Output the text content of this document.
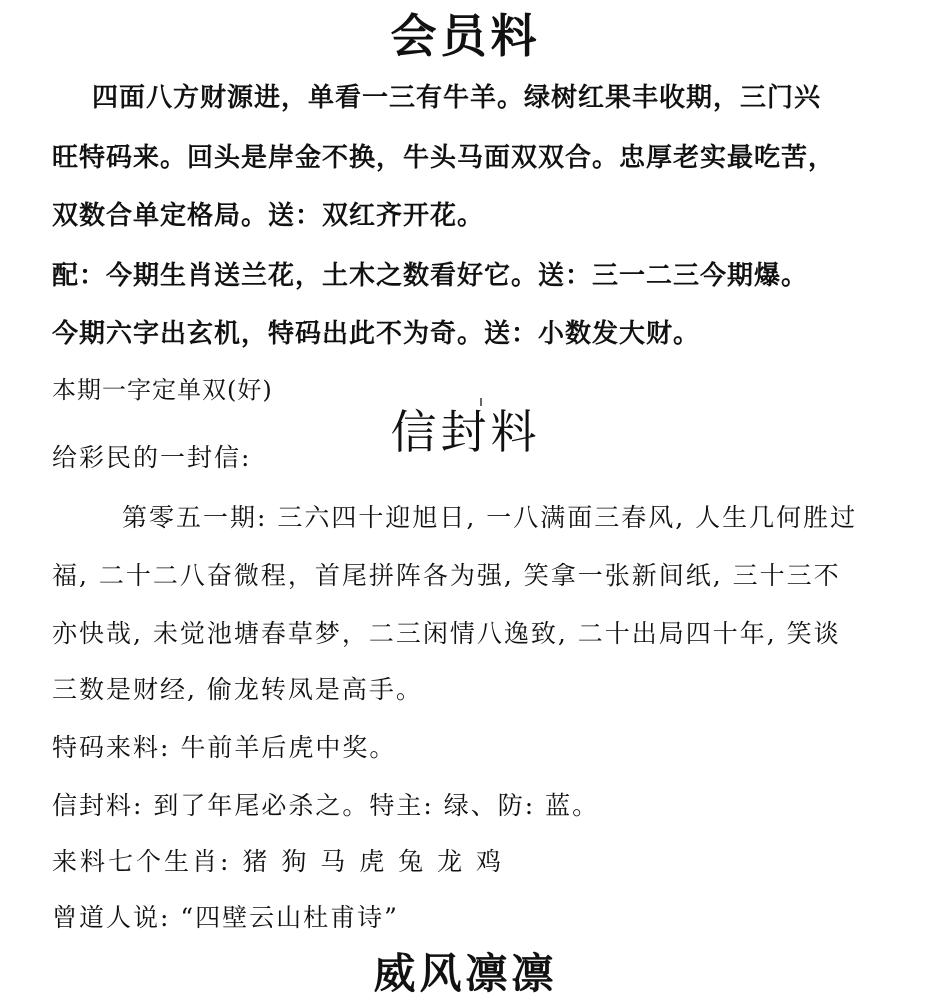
会员料
四面八方财源进，单看一三有牛羊。绿树红果丰收期，三门兴
旺特码来。回头是岸金不换，牛头马面双双合。忠厚老实最吃苦，
双数合单定格局。送：双红齐开花。
配：今期生肖送兰花，土木之数看好它。送：三一二三今期爆。
今期六字出玄机，特码出此不为奇。送：小数发大财。
本期一字定单双(好)
信封料
给彩民的一封信:
第零五一期: 三六四十迎旭日, 一八满面三春风, 人生几何胜过
福, 二十二八奋微程，首尾拼阵各为强, 笑拿一张新间纸, 三十三不
亦快哉, 未觉池塘春草梦，二三闲情八逸致, 二十出局四十年, 笑谈
三数是财经, 偷龙转凤是高手。
特码来料: 牛前羊后虎中奖。
信封料: 到了年尾必杀之。特主: 绿、防: 蓝。
来料七个生肖: 猪 狗 马 虎 兔 龙 鸡
曾道人说: “四壁云山杜甫诗”
威风凛凛
